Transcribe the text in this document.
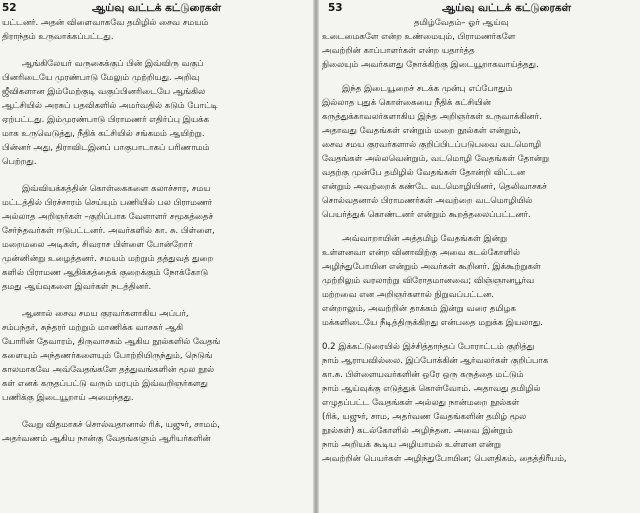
52	ஆய்வு வட்டக் கட்டுரைகள்
யட்டனர். அதன் விளைவாகவே தமிழில் சைவ சமயம்
திராந்தம் உருவாக்கப்பட்டது.
ஆங்கிலேயர் வருகைக்குப் பின் இவ்விரு வகுப்
பினரிடையே முரண்பாடு மேலும் முற்றியது. அறிவு
ஜீவிகளான இம்மேற்குடி வகுப்பினரிடையே ஆங்கில
ஆட்சியில் அரசுப் பதவிகளில் அமர்வதில் கடும் போட்டி
ஏற்பட்டது. இம்முரண்பாடு பிராமணர் எதிர்ப்பு இயக்க
மாக உருவெடுத்து, நீதிக் கட்சியில் சங்கமம் ஆயிற்று.
பின்னர் அது, திராவிடஇனப் பாகுபாடாகப் பரிணாமம்
பெற்றது.
இவ்வியக்கத்தின் கொள்கைகளை கலாச்சார, சமய
மட்டத்தில் பிரச்சாரம் செய்யும் பணியில் பல பிராமணர்
அல்லாத அறிஞர்கள் –குறிப்பாக வேளாளர் சமூகத்தைச்
சேர்ந்தவர்கள் ஈடுபட்டனர். அவர்களில் கா. சு. பிள்ளை,
மறைமலை அடிகள், சிவராச பிள்ளை போன்றோர்
முன்னின்று உழைத்தனர். சமயம் மற்றும் தத்துவத் துறை
களில் பிராமண ஆதிக்கத்தைக் குறைக்கும் நோக்கோடு
தமது ஆய்வுகளை இவர்கள் நடத்தினர்.
ஆனால் சைவ சமய குரவர்களாகிய அப்பர்,
சம்பந்தர், சுந்தரர் மற்றும் மாணிக்க வாசகர் ஆகி
யோரின் தேவாரம், திருவாசகம் ஆகிய நூல்களில் வேதங்
களையும் அந்தணர்களையும் போற்றியிருந்தும், நெடுங்
காலமாகவே அவ்வேதங்களே தத்துவங்களின் மூல நூல்
கள் எனக் கருதப்பட்டு வரும் மரபும் இவ்வறிஞர்களது
பணிக்கு இடையூறாய் அமைந்தது.
வேறு விதமாகச் சொல்வதானால் ரிக், யஜுர், சாமம்,
அதர்வணம் ஆகிய நான்கு வேதங்களும் ஆரியர்களின்
53	ஆய்வு வட்டக் கட்டுரைகள்
தமிழ்வேதம்– ஓர் ஆய்வு
உடைமைகளே என்ற உண்மையும், பிராமணர்களே
அவற்றின் காப்பாளர்கள் என்ற யதார்த்த
நிலையும் அவர்களது நோக்கிற்கு இடையூறாகவாய்த்தது.
இந்த இடையூறைச் சடக்க முன்பு எப்போதும்
இல்லாத புதுக் கொள்கையை நீதிக் கட்சியின்
கருத்துக்காவலர்களாகிய இந்த அறிஞர்கள் உருவாக்கினர்.
அதாவது வேதங்கள் என்றும் மறை நூல்கள் என்றும்,
சைவ சமய குரவர்களால் குறிப்பிடப்படுபவை வடமொழி
வேதங்கள் அல்லவென்றும், வடமொழி வேதங்கள் தோன்று
வதற்கு முன்பே தமிழில் வேதங்கள் தோன்றி விட்டன
என்றும் அவற்றைக் கண்டே வடமொழியினர், தெலிவாசகச்
சொல்வதனால் பிராமணர்கள் அவற்றை வடமொழியில்
பெயர்த்துக் கொண்டனர் என்றும் கூறத்தலைப்பட்டனர்.
அவ்வாறாயின் அத்தமிழ் வேதங்கள் இன்று
உள்ளனவா என்ற வினாவிற்கு அவை கடல்கோளில்
அழிந்துபோயின என்றும் அவர்கள் கூறினர். இக்கூற்றுகள்
முற்றிலும் வரலாற்று விரோதமானவை; விஞ்ஞானபூர்வ
மற்றவை என அறிஞர்களால் நிறுவப்பட்டன.
என்றாலும், அவற்றின் தாக்கம் இன்று வரை தமிழக
மக்களிடையே நீடித்திருக்கிறது என்பதை மறுக்க இயலாது.
0.2 இக்கட்டுரையில் இச்சித்தாந்தப் போராட்டம் குறித்து
நாம் ஆராயவில்லை. இப்போக்கின் ஆர்வலர்கள் குறிப்பாக
கா.சு. பிள்ளையவர்களின் ஒரே ஒரு கருத்தை மட்டும்
நாம் ஆய்வுக்கு எடுத்துக் கொள்வோம். அதாவது தமிழில்
எழுதப்பட்ட வேதங்கள் அல்லது நான்மறை நூல்கள்
(ரிக், யஜுர், சாம, அதர்வண வேதங்களின் தமிழ் மூல
நூல்கள்) கடல்கோளில் அழிந்தன. அவை இன்றும்
நாம் அறியக் கூடிய அழியாமல் உள்ளன என்று
அவற்றின் பெயர்கள் அழிந்துபோயின; பௌதிகம், தைத்திரீயம்,
